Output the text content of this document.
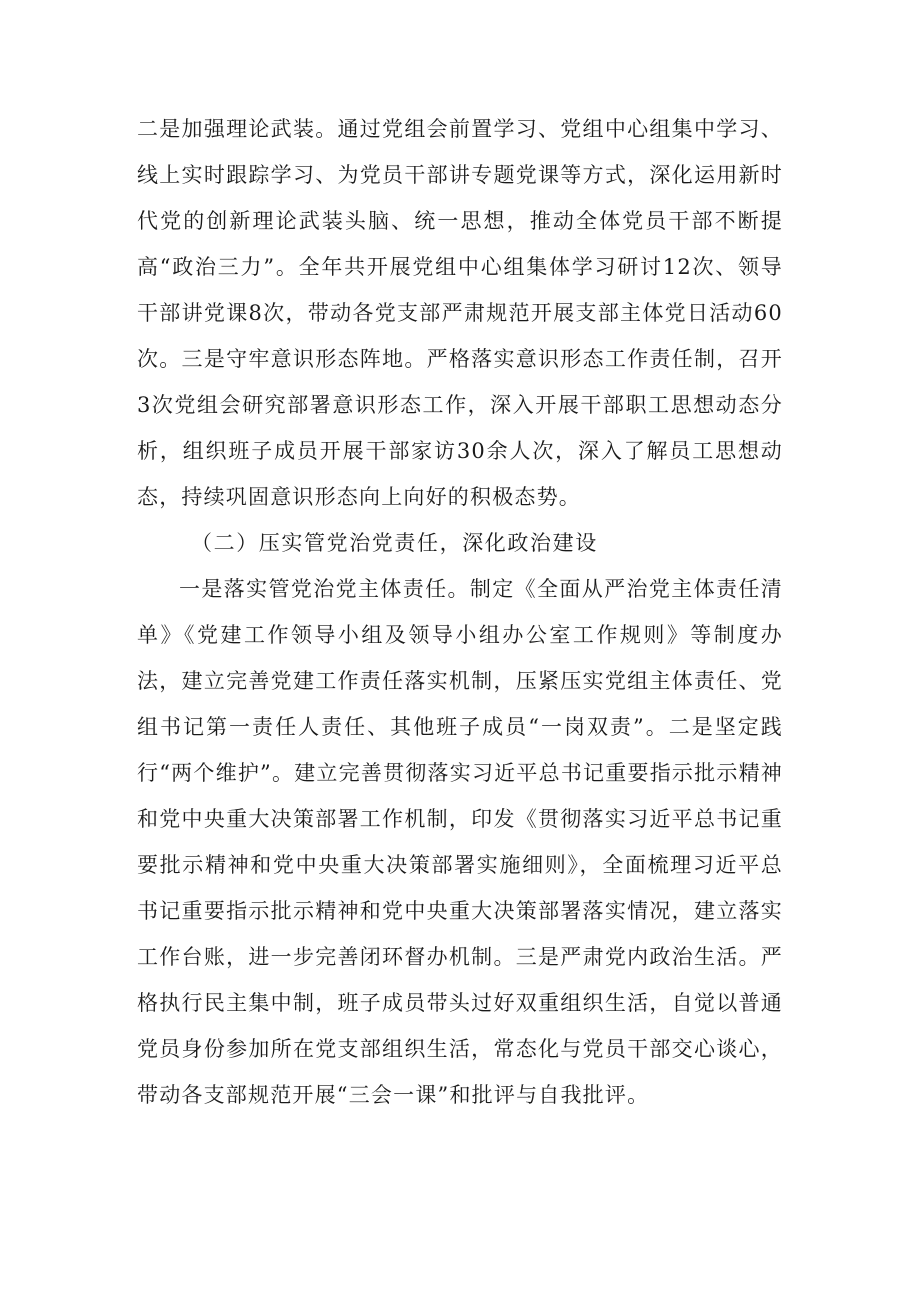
二是加强理论武装。通过党组会前置学习、党组中心组集中学习、线上实时跟踪学习、为党员干部讲专题党课等方式，深化运用新时代党的创新理论武装头脑、统一思想，推动全体党员干部不断提高“政治三力”。全年共开展党组中心组集体学习研讨12次、领导干部讲党课8次，带动各党支部严肃规范开展支部主体党日活动60次。三是守牢意识形态阵地。严格落实意识形态工作责任制，召开3次党组会研究部署意识形态工作，深入开展干部职工思想动态分析，组织班子成员开展干部家访30余人次，深入了解员工思想动态，持续巩固意识形态向上向好的积极态势。

（二）压实管党治党责任，深化政治建设

一是落实管党治党主体责任。制定《全面从严治党主体责任清单》《党建工作领导小组及领导小组办公室工作规则》等制度办法，建立完善党建工作责任落实机制，压紧压实党组主体责任、党组书记第一责任人责任、其他班子成员“一岗双责”。二是坚定践行“两个维护”。建立完善贯彻落实习近平总书记重要指示批示精神和党中央重大决策部署工作机制，印发《贯彻落实习近平总书记重要批示精神和党中央重大决策部署实施细则》，全面梳理习近平总书记重要指示批示精神和党中央重大决策部署落实情况，建立落实工作台账，进一步完善闭环督办机制。三是严肃党内政治生活。严格执行民主集中制，班子成员带头过好双重组织生活，自觉以普通党员身份参加所在党支部组织生活，常态化与党员干部交心谈心，带动各支部规范开展“三会一课”和批评与自我批评。
